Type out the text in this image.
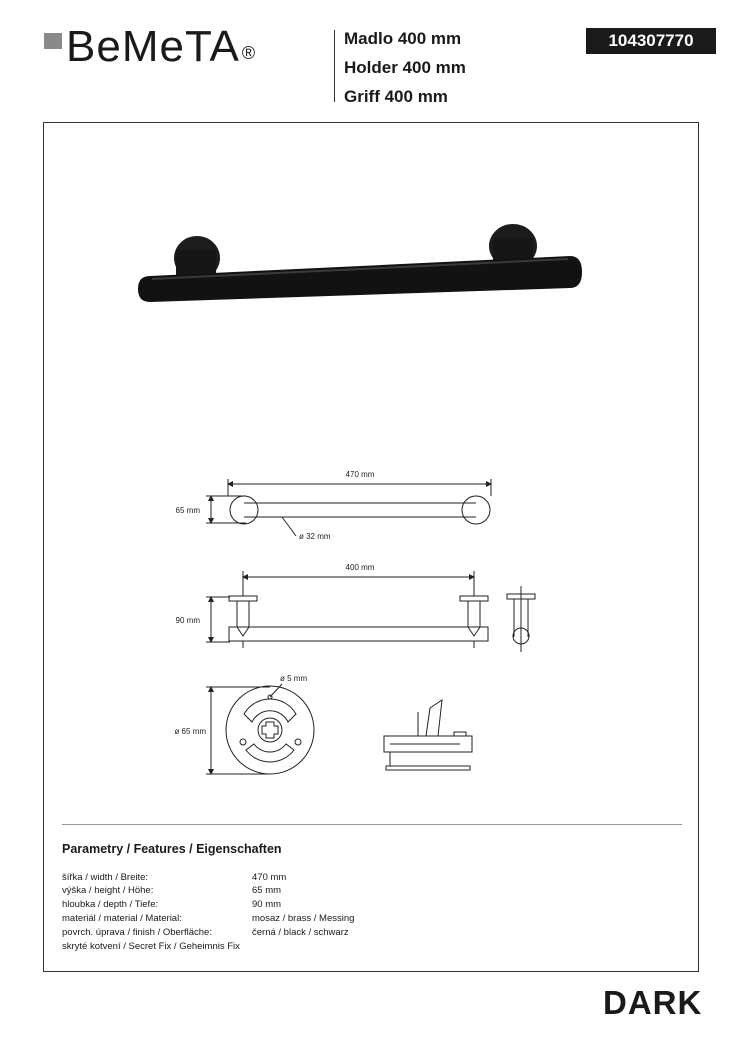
BeMeTA ®
Madlo 400 mm
Holder 400 mm
Griff 400 mm
104307770
470 mm
65 mm
ø 32 mm
400 mm
90 mm
ø 5 mm
ø 65 mm
Parametry / Features / Eigenschaften
šířka / width / Breite:	470 mm
výška / height / Höhe:	65 mm
hloubka / depth / Tiefe:	90 mm
materiál / material / Material:	mosaz / brass / Messing
povrch. úprava / finish / Oberfläche:	černá / black / schwarz
skryté kotvení / Secret Fix / Geheimnis Fix
DARK
